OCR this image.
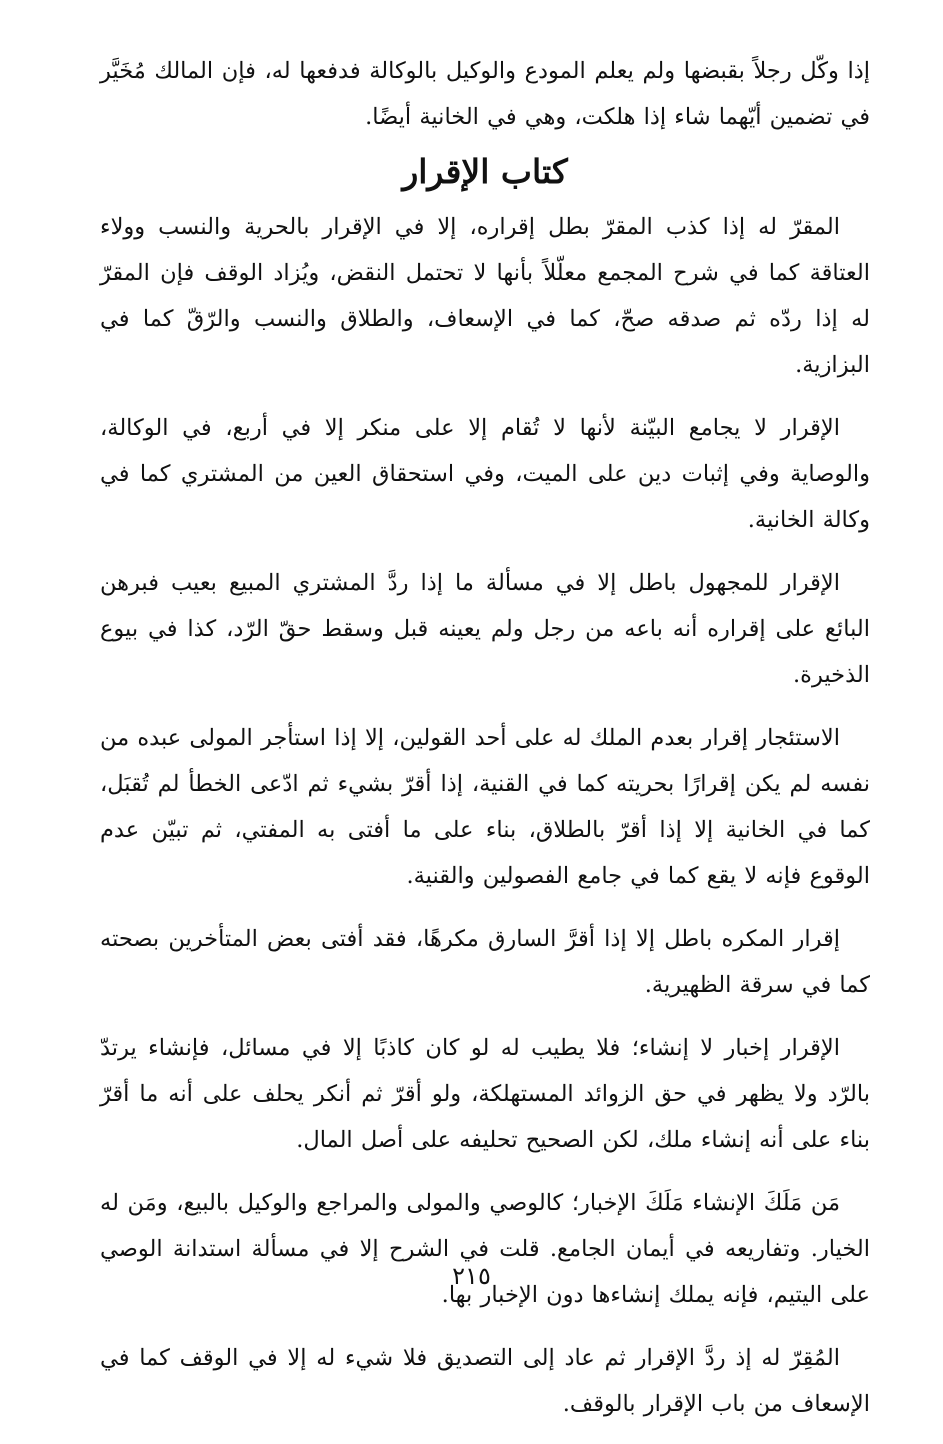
إذا وكّل رجلاً بقبضها ولم يعلم المودع والوكيل بالوكالة فدفعها له، فإن المالك مُخَيَّر في تضمين أيّهما شاء إذا هلكت، وهي في الخانية أيضًا.

كتاب الإقرار

المقرّ له إذا كذب المقرّ بطل إقراره، إلا في الإقرار بالحرية والنسب وولاء العتاقة كما في شرح المجمع معلّلاً بأنها لا تحتمل النقض، ويُزاد الوقف فإن المقرّ له إذا ردّه ثم صدقه صحّ، كما في الإسعاف، والطلاق والنسب والرّقّ كما في البزازية.

الإقرار لا يجامع البيّنة لأنها لا تُقام إلا على منكر إلا في أربع، في الوكالة، والوصاية وفي إثبات دين على الميت، وفي استحقاق العين من المشتري كما في وكالة الخانية.

الإقرار للمجهول باطل إلا في مسألة ما إذا ردَّ المشتري المبيع بعيب فبرهن البائع على إقراره أنه باعه من رجل ولم يعينه قبل وسقط حقّ الرّد، كذا في بيوع الذخيرة.

الاستئجار إقرار بعدم الملك له على أحد القولين، إلا إذا استأجر المولى عبده من نفسه لم يكن إقرارًا بحريته كما في القنية، إذا أقرّ بشيء ثم ادّعى الخطأ لم تُقبَل، كما في الخانية إلا إذا أقرّ بالطلاق، بناء على ما أفتى به المفتي، ثم تبيّن عدم الوقوع فإنه لا يقع كما في جامع الفصولين والقنية.

إقرار المكره باطل إلا إذا أقرَّ السارق مكرهًا، فقد أفتى بعض المتأخرين بصحته كما في سرقة الظهيرية.

الإقرار إخبار لا إنشاء؛ فلا يطيب له لو كان كاذبًا إلا في مسائل، فإنشاء يرتدّ بالرّد ولا يظهر في حق الزوائد المستهلكة، ولو أقرّ ثم أنكر يحلف على أنه ما أقرّ بناء على أنه إنشاء ملك، لكن الصحيح تحليفه على أصل المال.

مَن مَلَكَ الإنشاء مَلَكَ الإخبار؛ كالوصي والمولى والمراجع والوكيل بالبيع، ومَن له الخيار. وتفاريعه في أيمان الجامع. قلت في الشرح إلا في مسألة استدانة الوصي على اليتيم، فإنه يملك إنشاءها دون الإخبار بها.

المُقِرّ له إذ ردَّ الإقرار ثم عاد إلى التصديق فلا شيء له إلا في الوقف كما في الإسعاف من باب الإقرار بالوقف.

٢١٥
